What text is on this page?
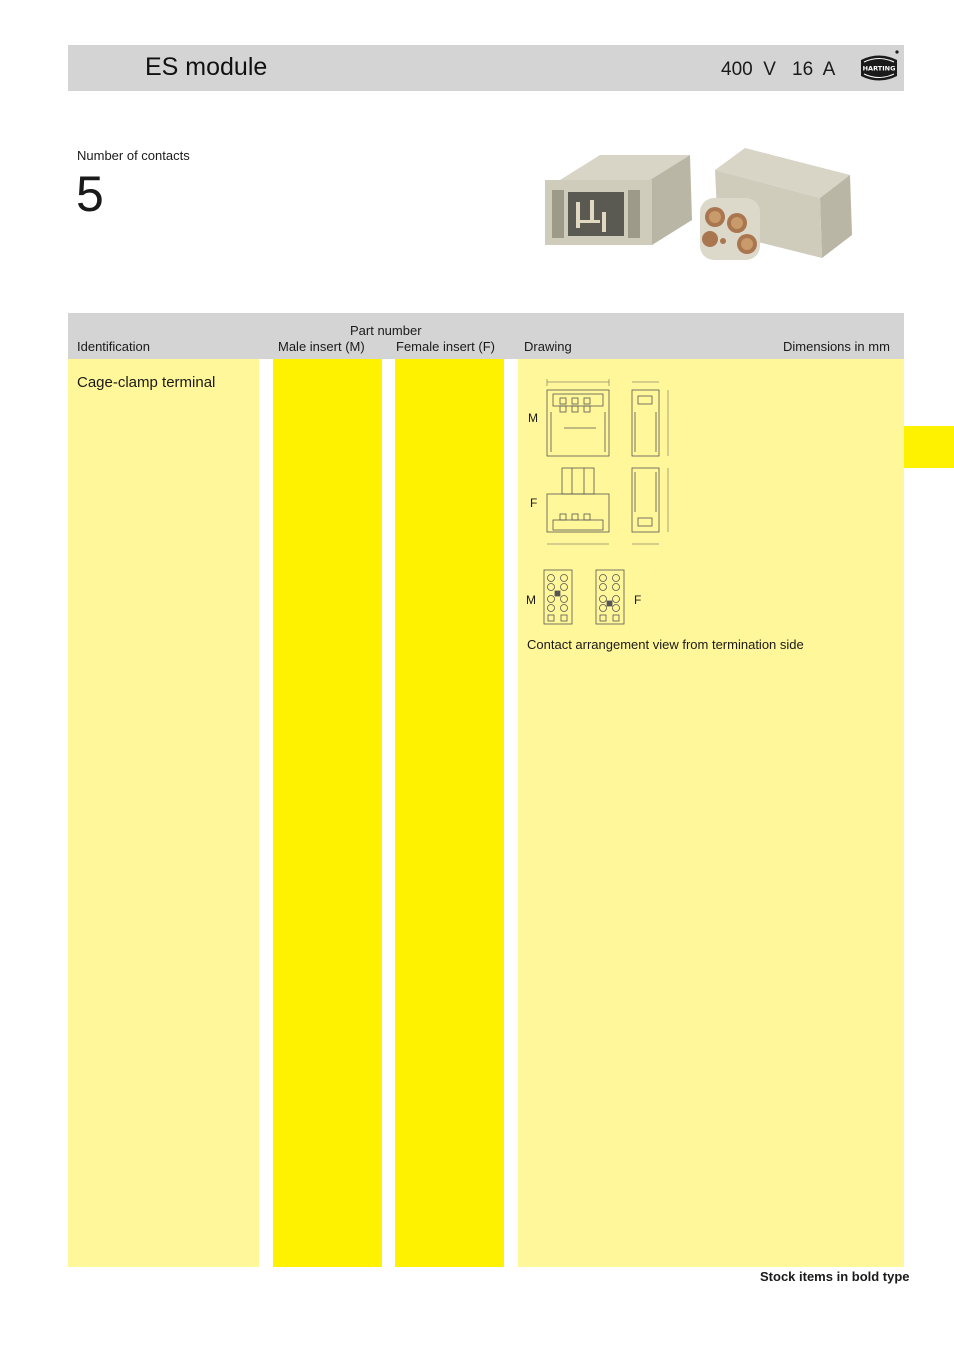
ES module	400  V 16  A	HARTING
Number of contacts
5
Part number
Identification	Male insert (M) Female insert (F) Drawing	Dimensions in mm
Cage-clamp terminal
M
F
M	F
Contact arrangement view from termination side
Stock items in bold type
